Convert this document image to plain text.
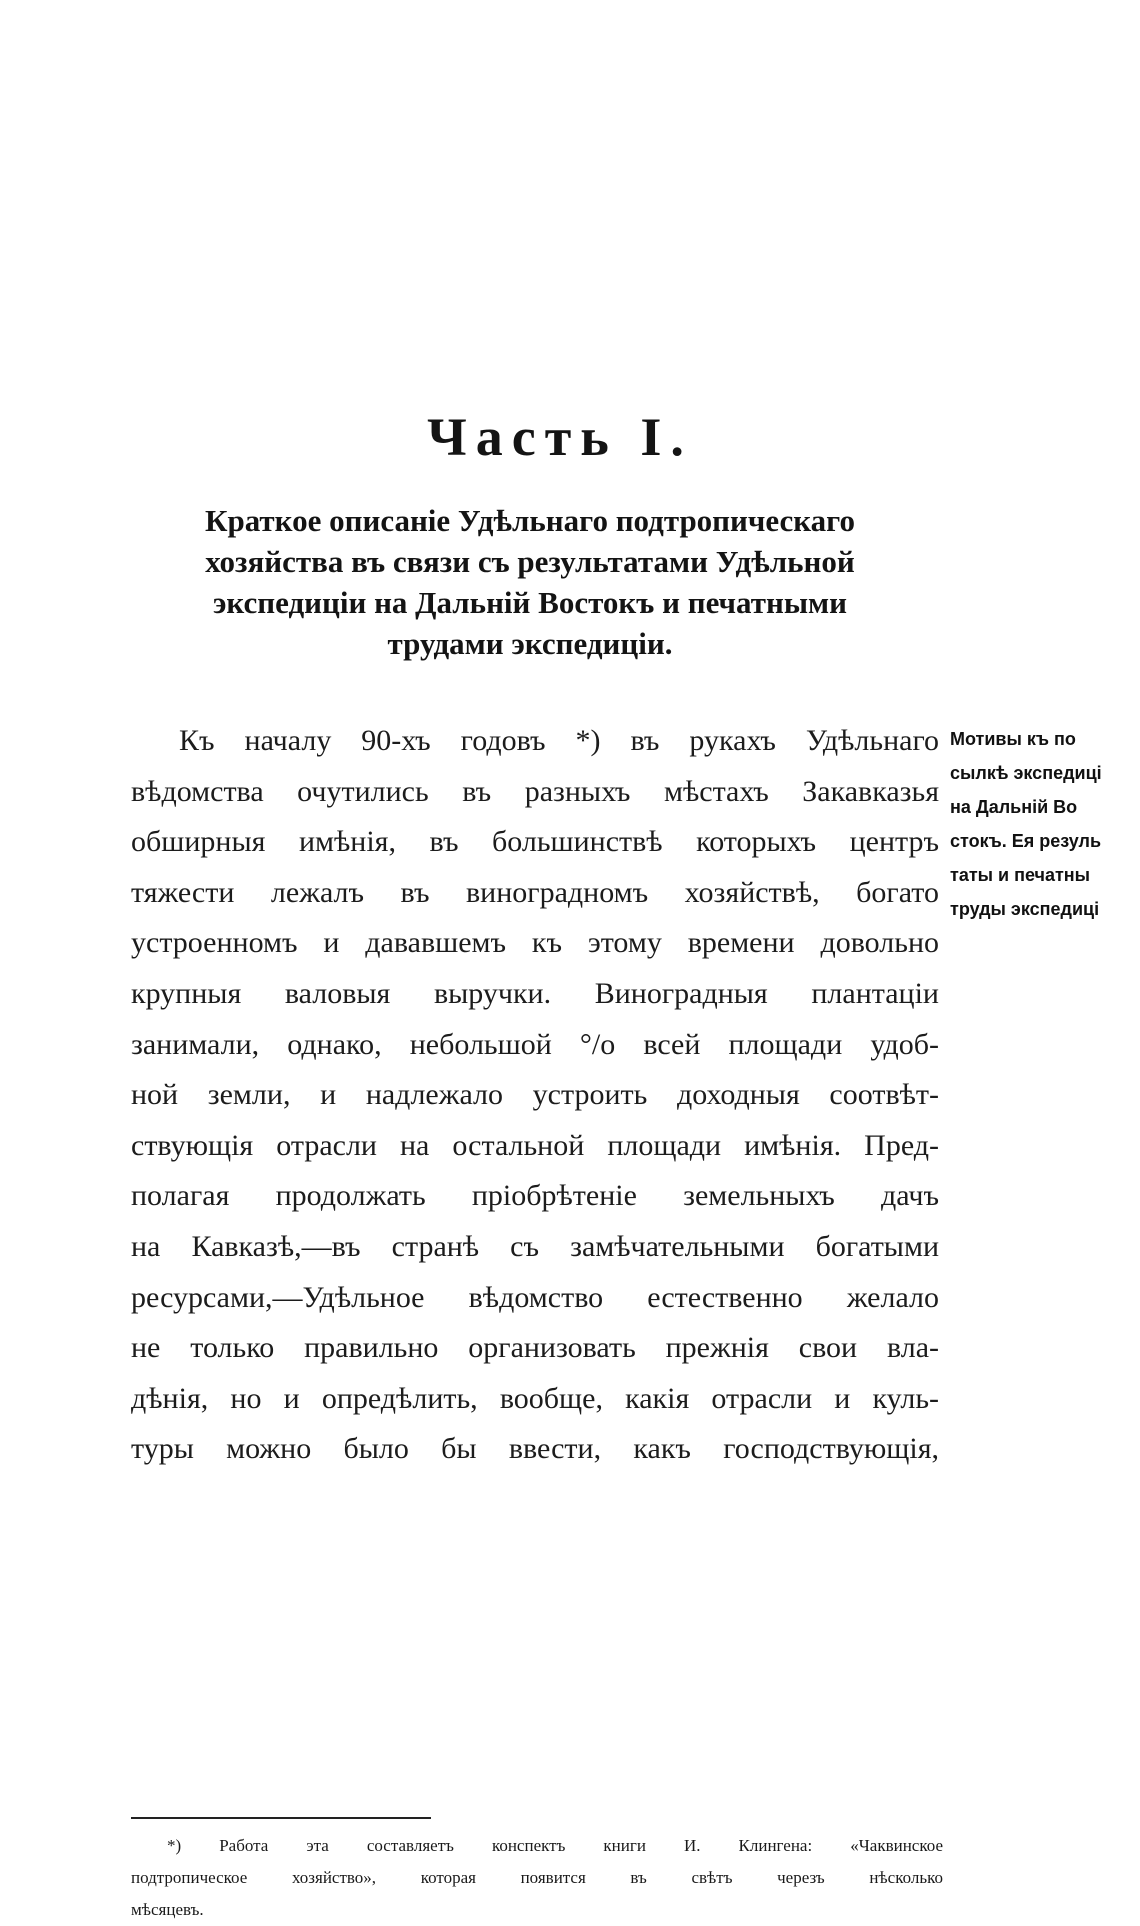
Часть I.
Краткое описаніе Удѣльнаго подтропическаго
хозяйства въ связи съ результатами Удѣльной
экспедиціи на Дальній Востокъ и печатными
трудами экспедиціи.
Къ началу 90-хъ годовъ *) въ рукахъ Удѣльнаго
вѣдомства очутились въ разныхъ мѣстахъ Закавказья
обширныя имѣнія, въ большинствѣ которыхъ центръ
тяжести лежалъ въ виноградномъ хозяйствѣ, богато
устроенномъ и дававшемъ къ этому времени довольно
крупныя валовыя выручки. Виноградныя плантаціи
занимали, однако, небольшой °/о всей площади удоб-
ной земли, и надлежало устроить доходныя соотвѣт-
ствующія отрасли на остальной площади имѣнія. Пред-
полагая продолжать пріобрѣтеніе земельныхъ дачъ
на Кавказѣ,—въ странѣ съ замѣчательными богатыми
ресурсами,—Удѣльное вѣдомство естественно желало
не только правильно организовать прежнія свои вла-
дѣнія, но и опредѣлить, вообще, какія отрасли и куль-
туры можно было бы ввести, какъ господствующія,
Мотивы къ по
сылкѣ экспедиці
на Дальній Во
стокъ. Ея резуль
таты и печатны
труды экспедиці
*) Работа эта составляетъ конспектъ книги И. Клингена: «Чаквинское
подтропическое хозяйство», которая появится въ свѣтъ черезъ нѣсколько
мѣсяцевъ.
